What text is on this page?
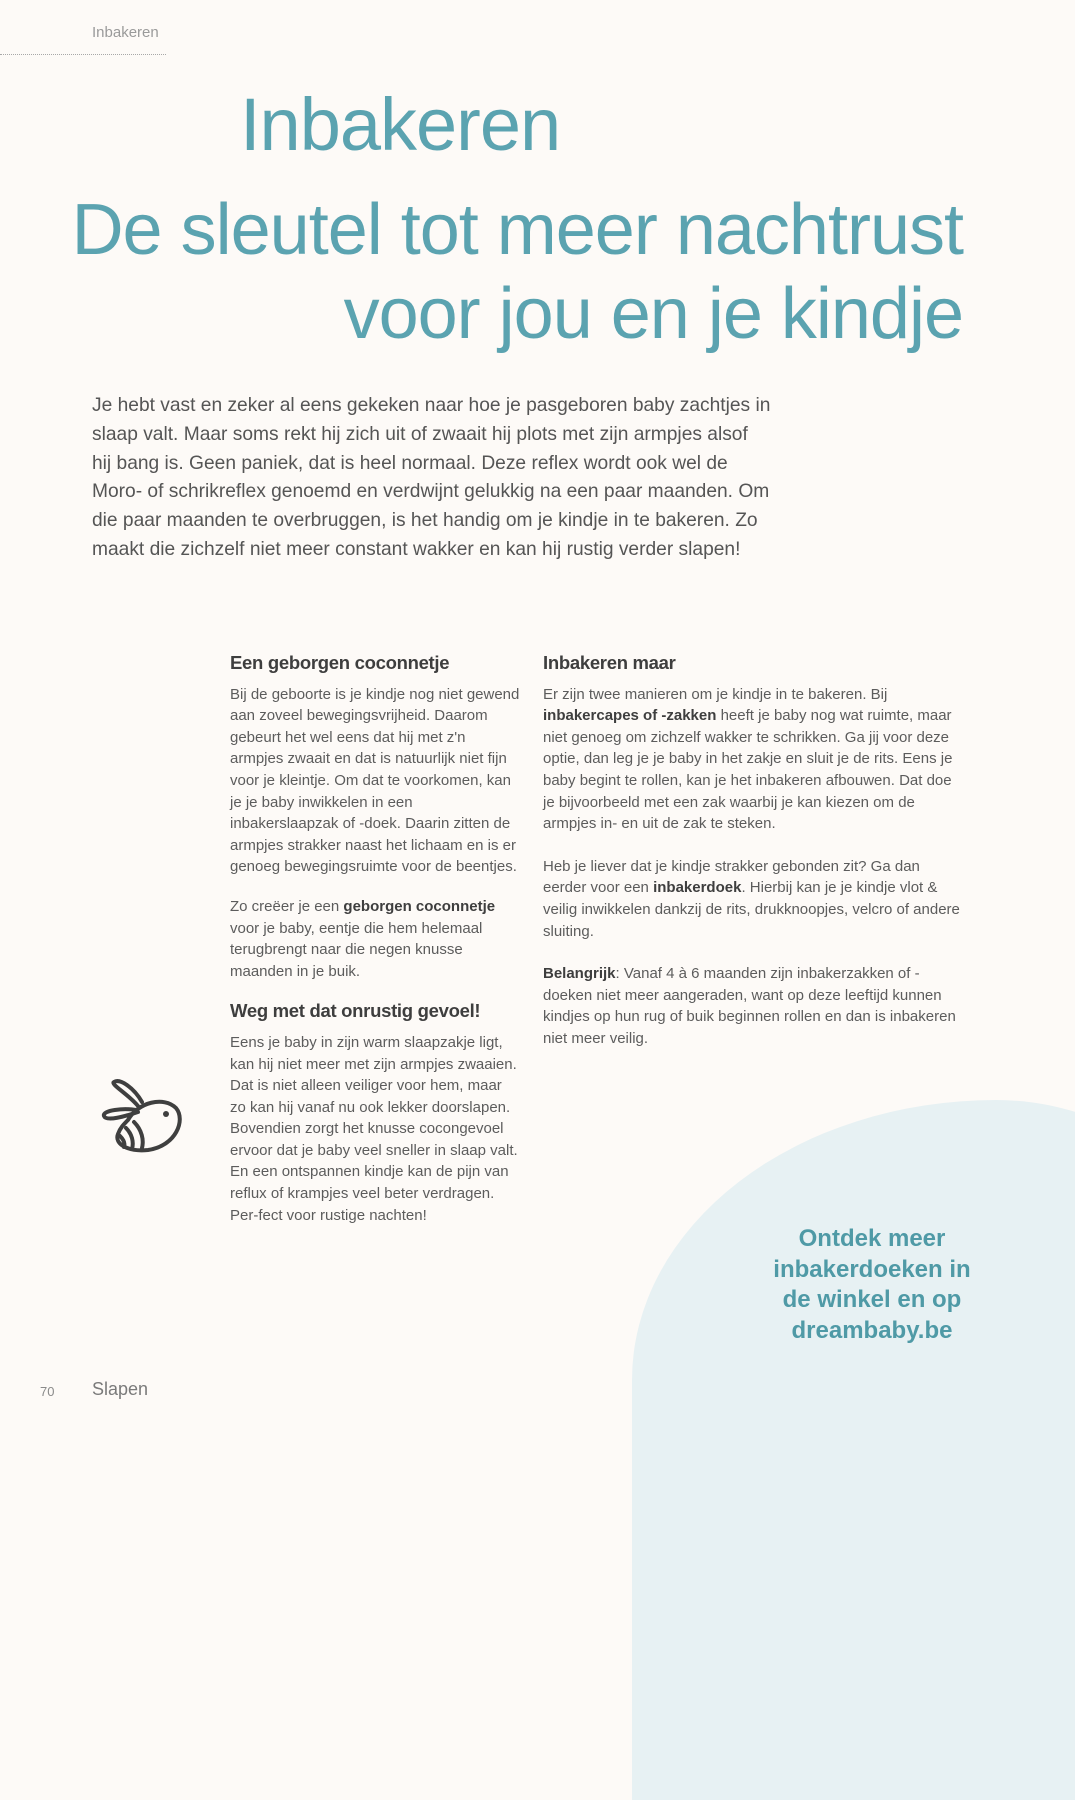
Inbakeren
Inbakeren
De sleutel tot meer nachtrust
voor jou en je kindje

Je hebt vast en zeker al eens gekeken naar hoe je pasgeboren baby zachtjes in slaap valt. Maar soms rekt hij zich uit of zwaait hij plots met zijn armpjes alsof hij bang is. Geen paniek, dat is heel normaal. Deze reflex wordt ook wel de Moro- of schrikreflex genoemd en verdwijnt gelukkig na een paar maanden. Om die paar maanden te overbruggen, is het handig om je kindje in te bakeren. Zo maakt die zichzelf niet meer constant wakker en kan hij rustig verder slapen!

Een geborgen coconnetje

Bij de geboorte is je kindje nog niet gewend aan zoveel bewegingsvrijheid. Daarom gebeurt het wel eens dat hij met z'n armpjes zwaait en dat is natuurlijk niet fijn voor je kleintje. Om dat te voorkomen, kan je je baby inwikkelen in een inbakerslaapzak of -doek. Daarin zitten de armpjes strakker naast het lichaam en is er genoeg bewegingsruimte voor de beentjes.

Zo creëer je een geborgen coconnetje voor je baby, eentje die hem helemaal terugbrengt naar die negen knusse maanden in je buik.

Weg met dat onrustig gevoel!

Eens je baby in zijn warm slaapzakje ligt, kan hij niet meer met zijn armpjes zwaaien. Dat is niet alleen veiliger voor hem, maar zo kan hij vanaf nu ook lekker doorslapen. Bovendien zorgt het knusse cocongevoel ervoor dat je baby veel sneller in slaap valt. En een ontspannen kindje kan de pijn van reflux of krampjes veel beter verdragen. Per-fect voor rustige nachten!

Inbakeren maar

Er zijn twee manieren om je kindje in te bakeren. Bij inbakercapes of -zakken heeft je baby nog wat ruimte, maar niet genoeg om zichzelf wakker te schrikken. Ga jij voor deze optie, dan leg je je baby in het zakje en sluit je de rits. Eens je baby begint te rollen, kan je het inbakeren afbouwen. Dat doe je bijvoorbeeld met een zak waarbij je kan kiezen om de armpjes in- en uit de zak te steken.

Heb je liever dat je kindje strakker gebonden zit? Ga dan eerder voor een inbakerdoek. Hierbij kan je je kindje vlot & veilig inwikkelen dankzij de rits, drukknoopjes, velcro of andere sluiting.

Belangrijk: Vanaf 4 à 6 maanden zijn inbakerzakken of -doeken niet meer aangeraden, want op deze leeftijd kunnen kindjes op hun rug of buik beginnen rollen en dan is inbakeren niet meer veilig.

Ontdek meer inbakerdoeken in de winkel en op dreambaby.be
70 Slapen
